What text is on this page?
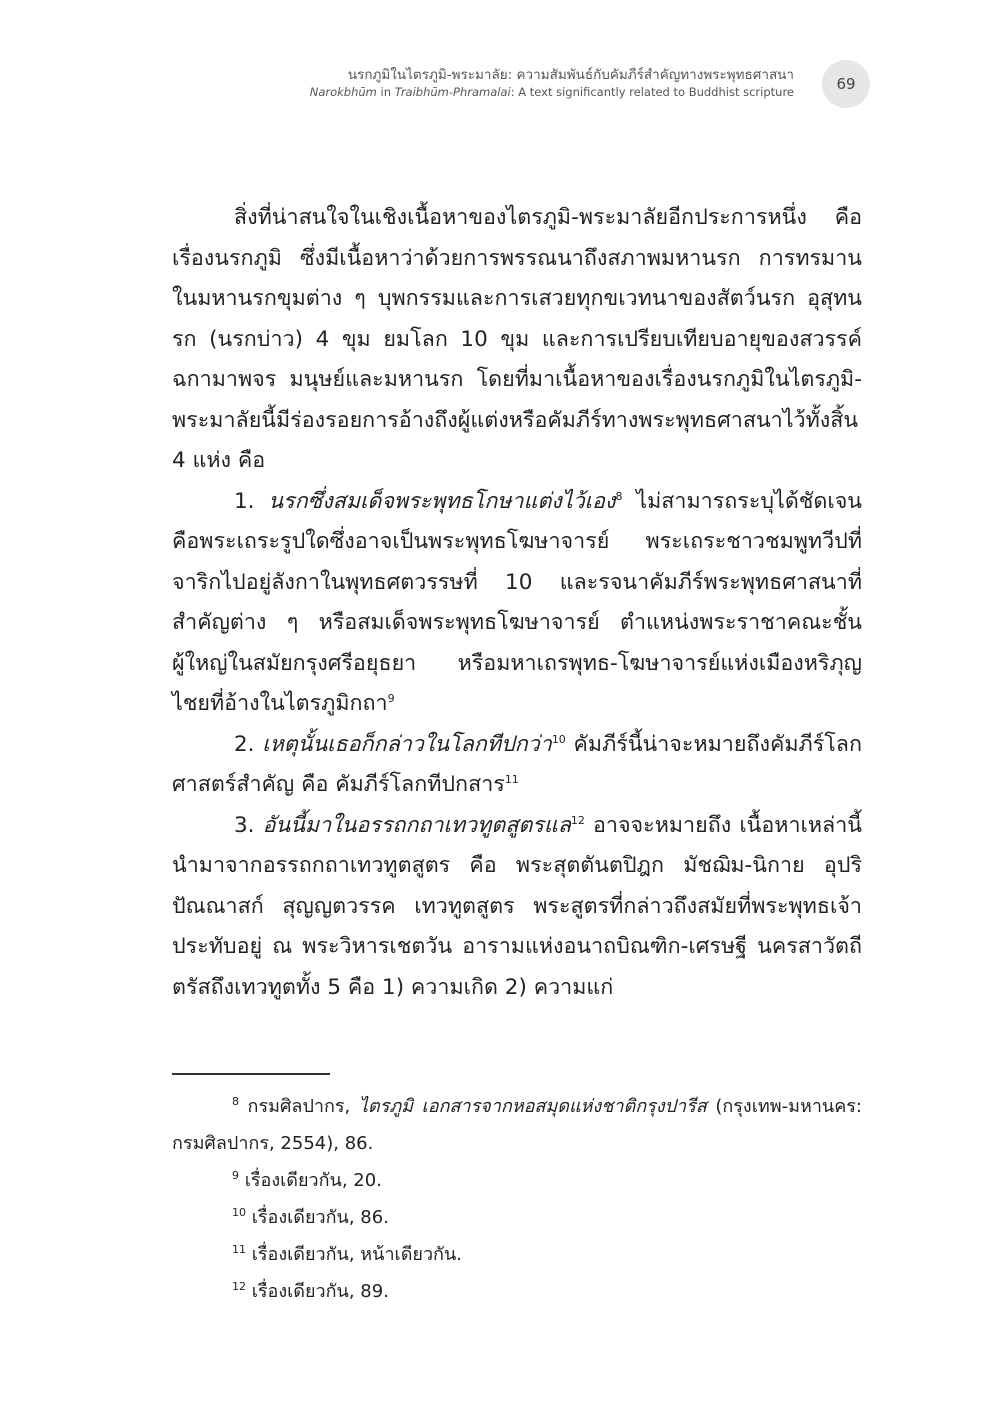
นรกภูมิในไตรภูมิ-พระมาลัย: ความสัมพันธ์กับคัมภีร์สำคัญทางพระพุทธศาสนา
Narokbhūm in Traibhūm-Phramalai: A text significantly related to Buddhist scripture	69

สิ่งที่น่าสนใจในเชิงเนื้อหาของไตรภูมิ-พระมาลัยอีกประการหนึ่ง คือ เรื่องนรกภูมิ ซึ่งมีเนื้อหาว่าด้วยการพรรณนาถึงสภาพมหานรก การทรมานในมหานรกขุมต่าง ๆ บุพกรรมและการเสวยทุกขเวทนาของสัตว์นรก อุสุทนรก (นรกบ่าว) 4 ขุม ยมโลก 10 ขุม และการเปรียบเทียบอายุของสวรรค์ฉกามาพจร มนุษย์และมหานรก โดยที่มาเนื้อหาของเรื่องนรกภูมิในไตรภูมิ-พระมาลัยนี้มีร่องรอยการอ้างถึงผู้แต่งหรือคัมภีร์ทางพระพุทธศาสนาไว้ทั้งสิ้น 4 แห่ง คือ

1. นรกซึ่งสมเด็จพระพุทธโกษาแต่งไว้เอง$^8$ ไม่สามารถระบุได้ชัดเจนคือพระเถระรูปใดซึ่งอาจเป็นพระพุทธโฆษาจารย์ พระเถระชาวชมพูทวีปที่จาริกไปอยู่ลังกาในพุทธศตวรรษที่ 10 และรจนาคัมภีร์พระพุทธศาสนาที่สำคัญต่าง ๆ หรือสมเด็จพระพุทธโฆษาจารย์ ตำแหน่งพระราชาคณะชั้นผู้ใหญ่ในสมัยกรุงศรีอยุธยา หรือมหาเถรพุทธ-โฆษาจารย์แห่งเมืองหริภุญไชยที่อ้างในไตรภูมิกถา$^9$

2. เหตุนั้นเธอก็กล่าวในโลกทีปกว่า$^{10}$ คัมภีร์นี้น่าจะหมายถึงคัมภีร์โลกศาสตร์สำคัญ คือ คัมภีร์โลกทีปกสาร$^{11}$

3. อันนี้มาในอรรถกถาเทวทูตสูตรแล$^{12}$ อาจจะหมายถึง เนื้อหาเหล่านี้นำมาจากอรรถกถาเทวทูตสูตร คือ พระสุตตันตปิฎก มัชฌิม-นิกาย อุปริปัณณาสก์ สุญญตวรรค เทวทูตสูตร พระสูตรที่กล่าวถึงสมัยที่พระพุทธเจ้าประทับอยู่ ณ พระวิหารเชตวัน อารามแห่งอนาถบิณฑิก-เศรษฐี นครสาวัตถี ตรัสถึงเทวทูตทั้ง 5 คือ 1) ความเกิด 2) ความแก่

$^8$ กรมศิลปากร, ไตรภูมิ เอกสารจากหอสมุดแห่งชาติกรุงปารีส (กรุงเทพ-มหานคร: กรมศิลปากร, 2554), 86.

$^9$ เรื่องเดียวกัน, 20.

$^{10}$ เรื่องเดียวกัน, 86.

$^{11}$ เรื่องเดียวกัน, หน้าเดียวกัน.

$^{12}$ เรื่องเดียวกัน, 89.
